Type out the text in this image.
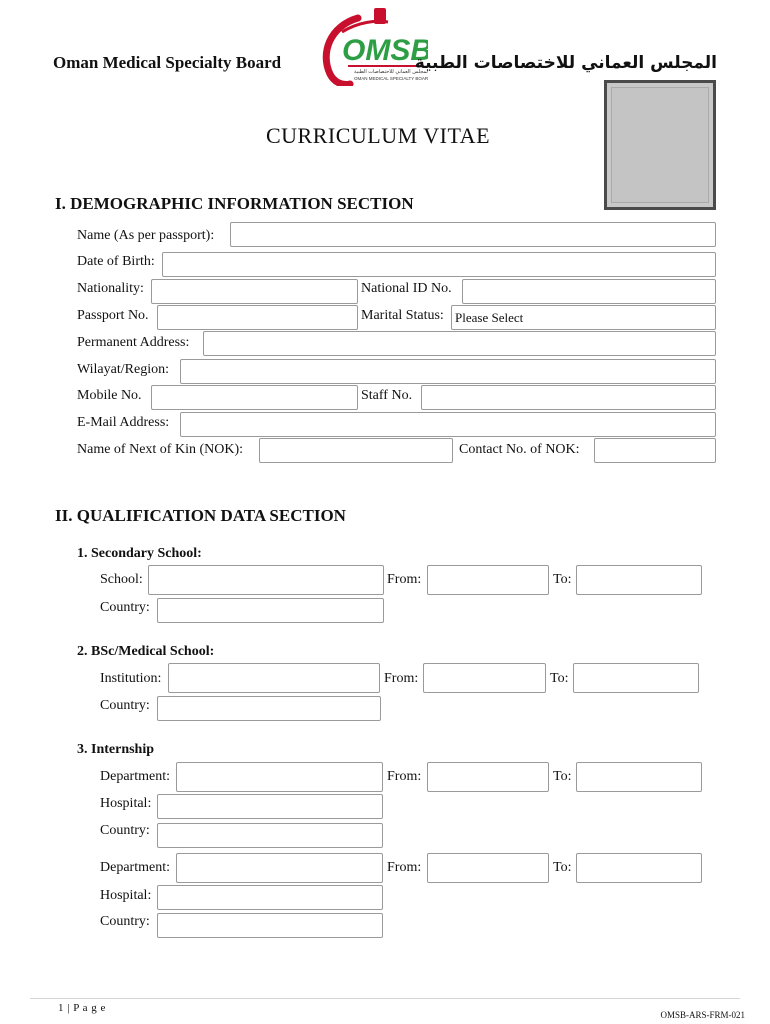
Oman Medical Specialty Board OMSB
المجلس العماني للاختصاصات الطبية
OMAN MEDICAL SPECIALTY BOARD
المجلس العماني للاختصاصات الطبية
CURRICULUM VITAE
I. DEMOGRAPHIC INFORMATION SECTION
Name (As per passport):
Date of Birth:
Nationality:	National ID No.
Passport No.	Marital Status: Please Select
Permanent Address:
Wilayat/Region:
Mobile No.	Staff No.
E-Mail Address:
Name of Next of Kin (NOK):	Contact No. of NOK:
II. QUALIFICATION DATA SECTION
1. Secondary School:
School:	From:	To:
Country:
2. BSc/Medical School:
Institution:	From:	To:
Country:
3. Internship
Department:	From:	To:
Hospital:
Country:
Department:	From:	To:
Hospital:
Country:
1 | P a g e
OMSB-ARS-FRM-021
